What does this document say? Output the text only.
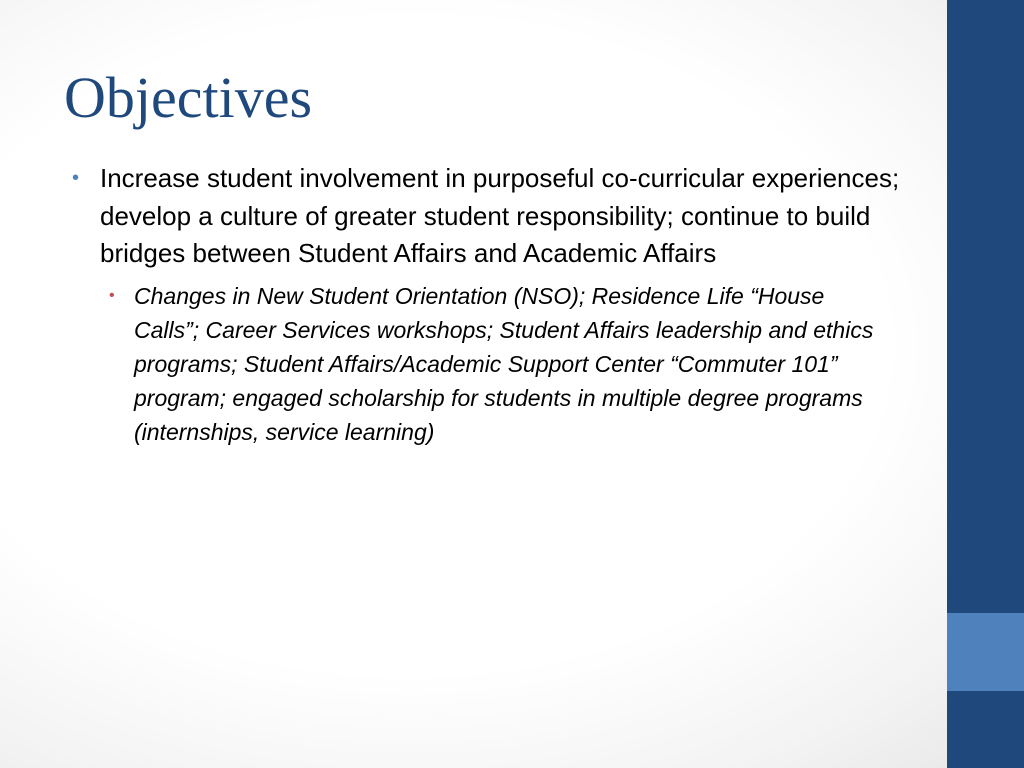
Objectives
• Increase student involvement in purposeful co-curricular experiences; develop a culture of greater student responsibility; continue to build bridges between Student Affairs and Academic Affairs
• Changes in New Student Orientation (NSO); Residence Life “House Calls”; Career Services workshops; Student Affairs leadership and ethics programs; Student Affairs/Academic Support Center “Commuter 101” program; engaged scholarship for students in multiple degree programs (internships, service learning)
